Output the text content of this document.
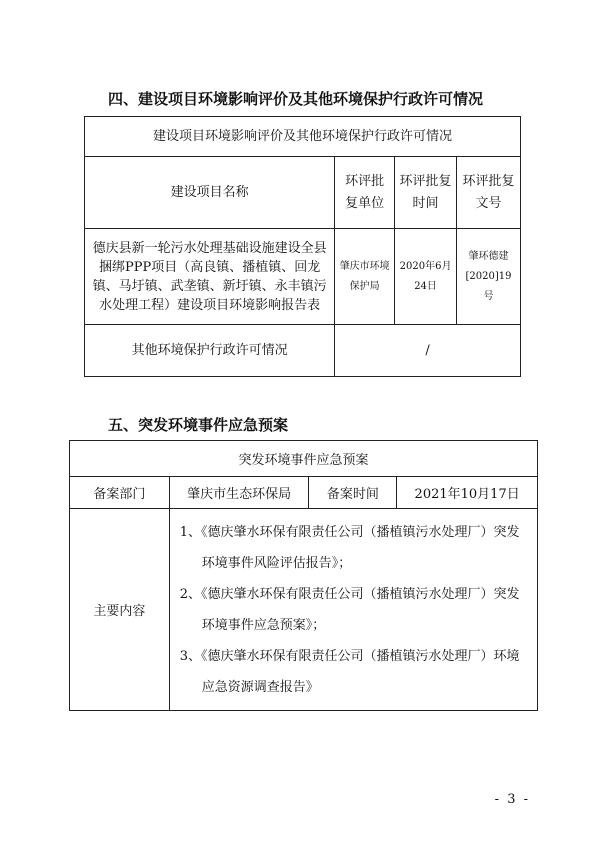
四、建设项目环境影响评价及其他环境保护行政许可情况
建设项目环境影响评价及其他环境保护行政许可情况			
建设项目名称	环评批复单位	环评批复时间	环评批复文号
德庆县新一轮污水处理基础设施建设全县捆绑PPP项目（高良镇、播植镇、回龙镇、马圩镇、武垄镇、新圩镇、永丰镇污水处理工程）建设项目环境影响报告表	肇庆市环境保护局	2020年6月24日	肇环德建[2020]19号
其他环境保护行政许可情况	/		
五、突发环境事件应急预案
突发环境事件应急预案			
备案部门	肇庆市生态环保局	备案时间	2021年10月17日
主要内容	1、《德庆肇水环保有限责任公司（播植镇污水处理厂）突发环境事件风险评估报告》；
2、《德庆肇水环保有限责任公司（播植镇污水处理厂）突发环境事件应急预案》；
3、《德庆肇水环保有限责任公司（播植镇污水处理厂）环境应急资源调查报告》		
- 3 -
